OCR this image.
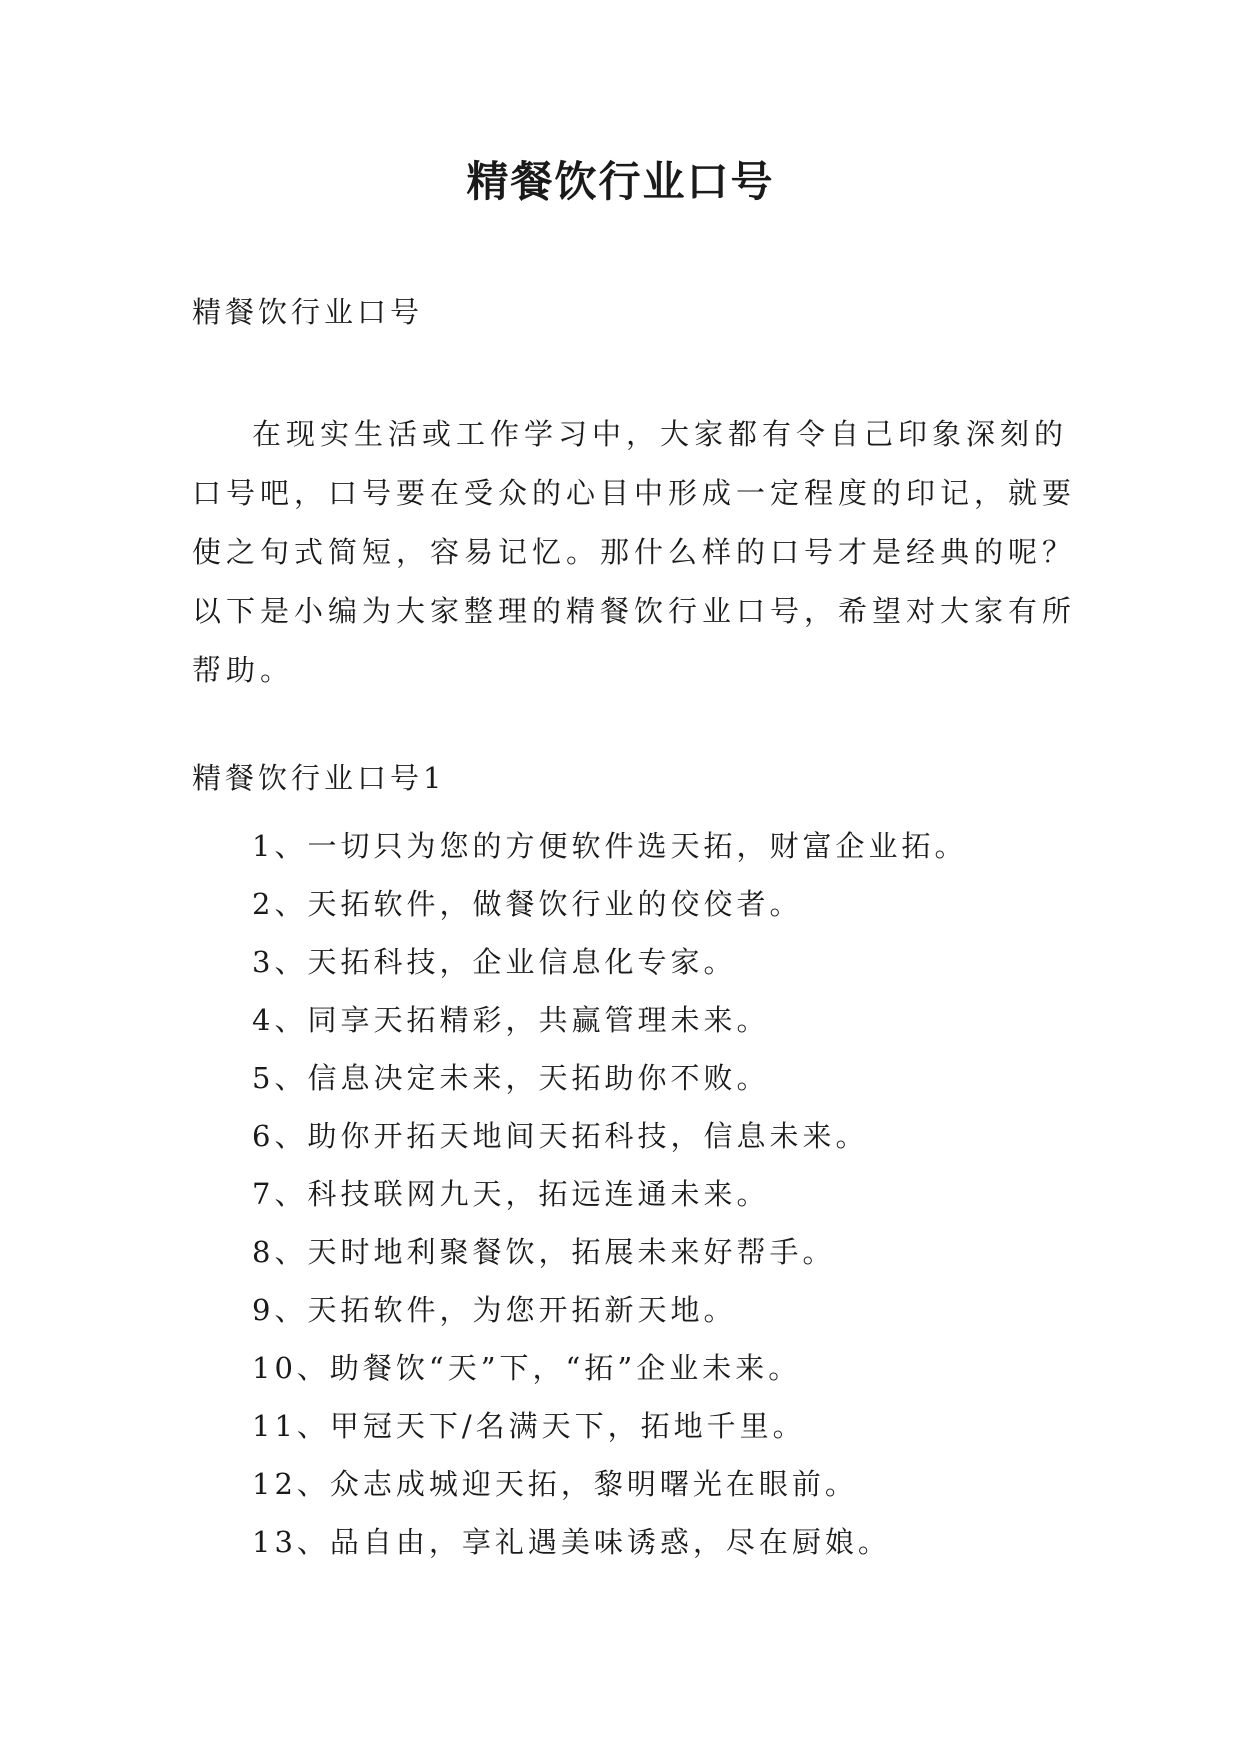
精餐饮行业口号
精餐饮行业口号
在现实生活或工作学习中，大家都有令自己印象深刻的
口号吧，口号要在受众的心目中形成一定程度的印记，就要
使之句式简短，容易记忆。那什么样的口号才是经典的呢？
以下是小编为大家整理的精餐饮行业口号，希望对大家有所
帮助。
精餐饮行业口号1
1、一切只为您的方便软件选天拓，财富企业拓。
2、天拓软件，做餐饮行业的佼佼者。
3、天拓科技，企业信息化专家。
4、同享天拓精彩，共赢管理未来。
5、信息决定未来，天拓助你不败。
6、助你开拓天地间天拓科技，信息未来。
7、科技联网九天，拓远连通未来。
8、天时地利聚餐饮，拓展未来好帮手。
9、天拓软件，为您开拓新天地。
10、助餐饮“天”下，“拓”企业未来。
11、甲冠天下/名满天下，拓地千里。
12、众志成城迎天拓，黎明曙光在眼前。
13、品自由，享礼遇美味诱惑，尽在厨娘。
